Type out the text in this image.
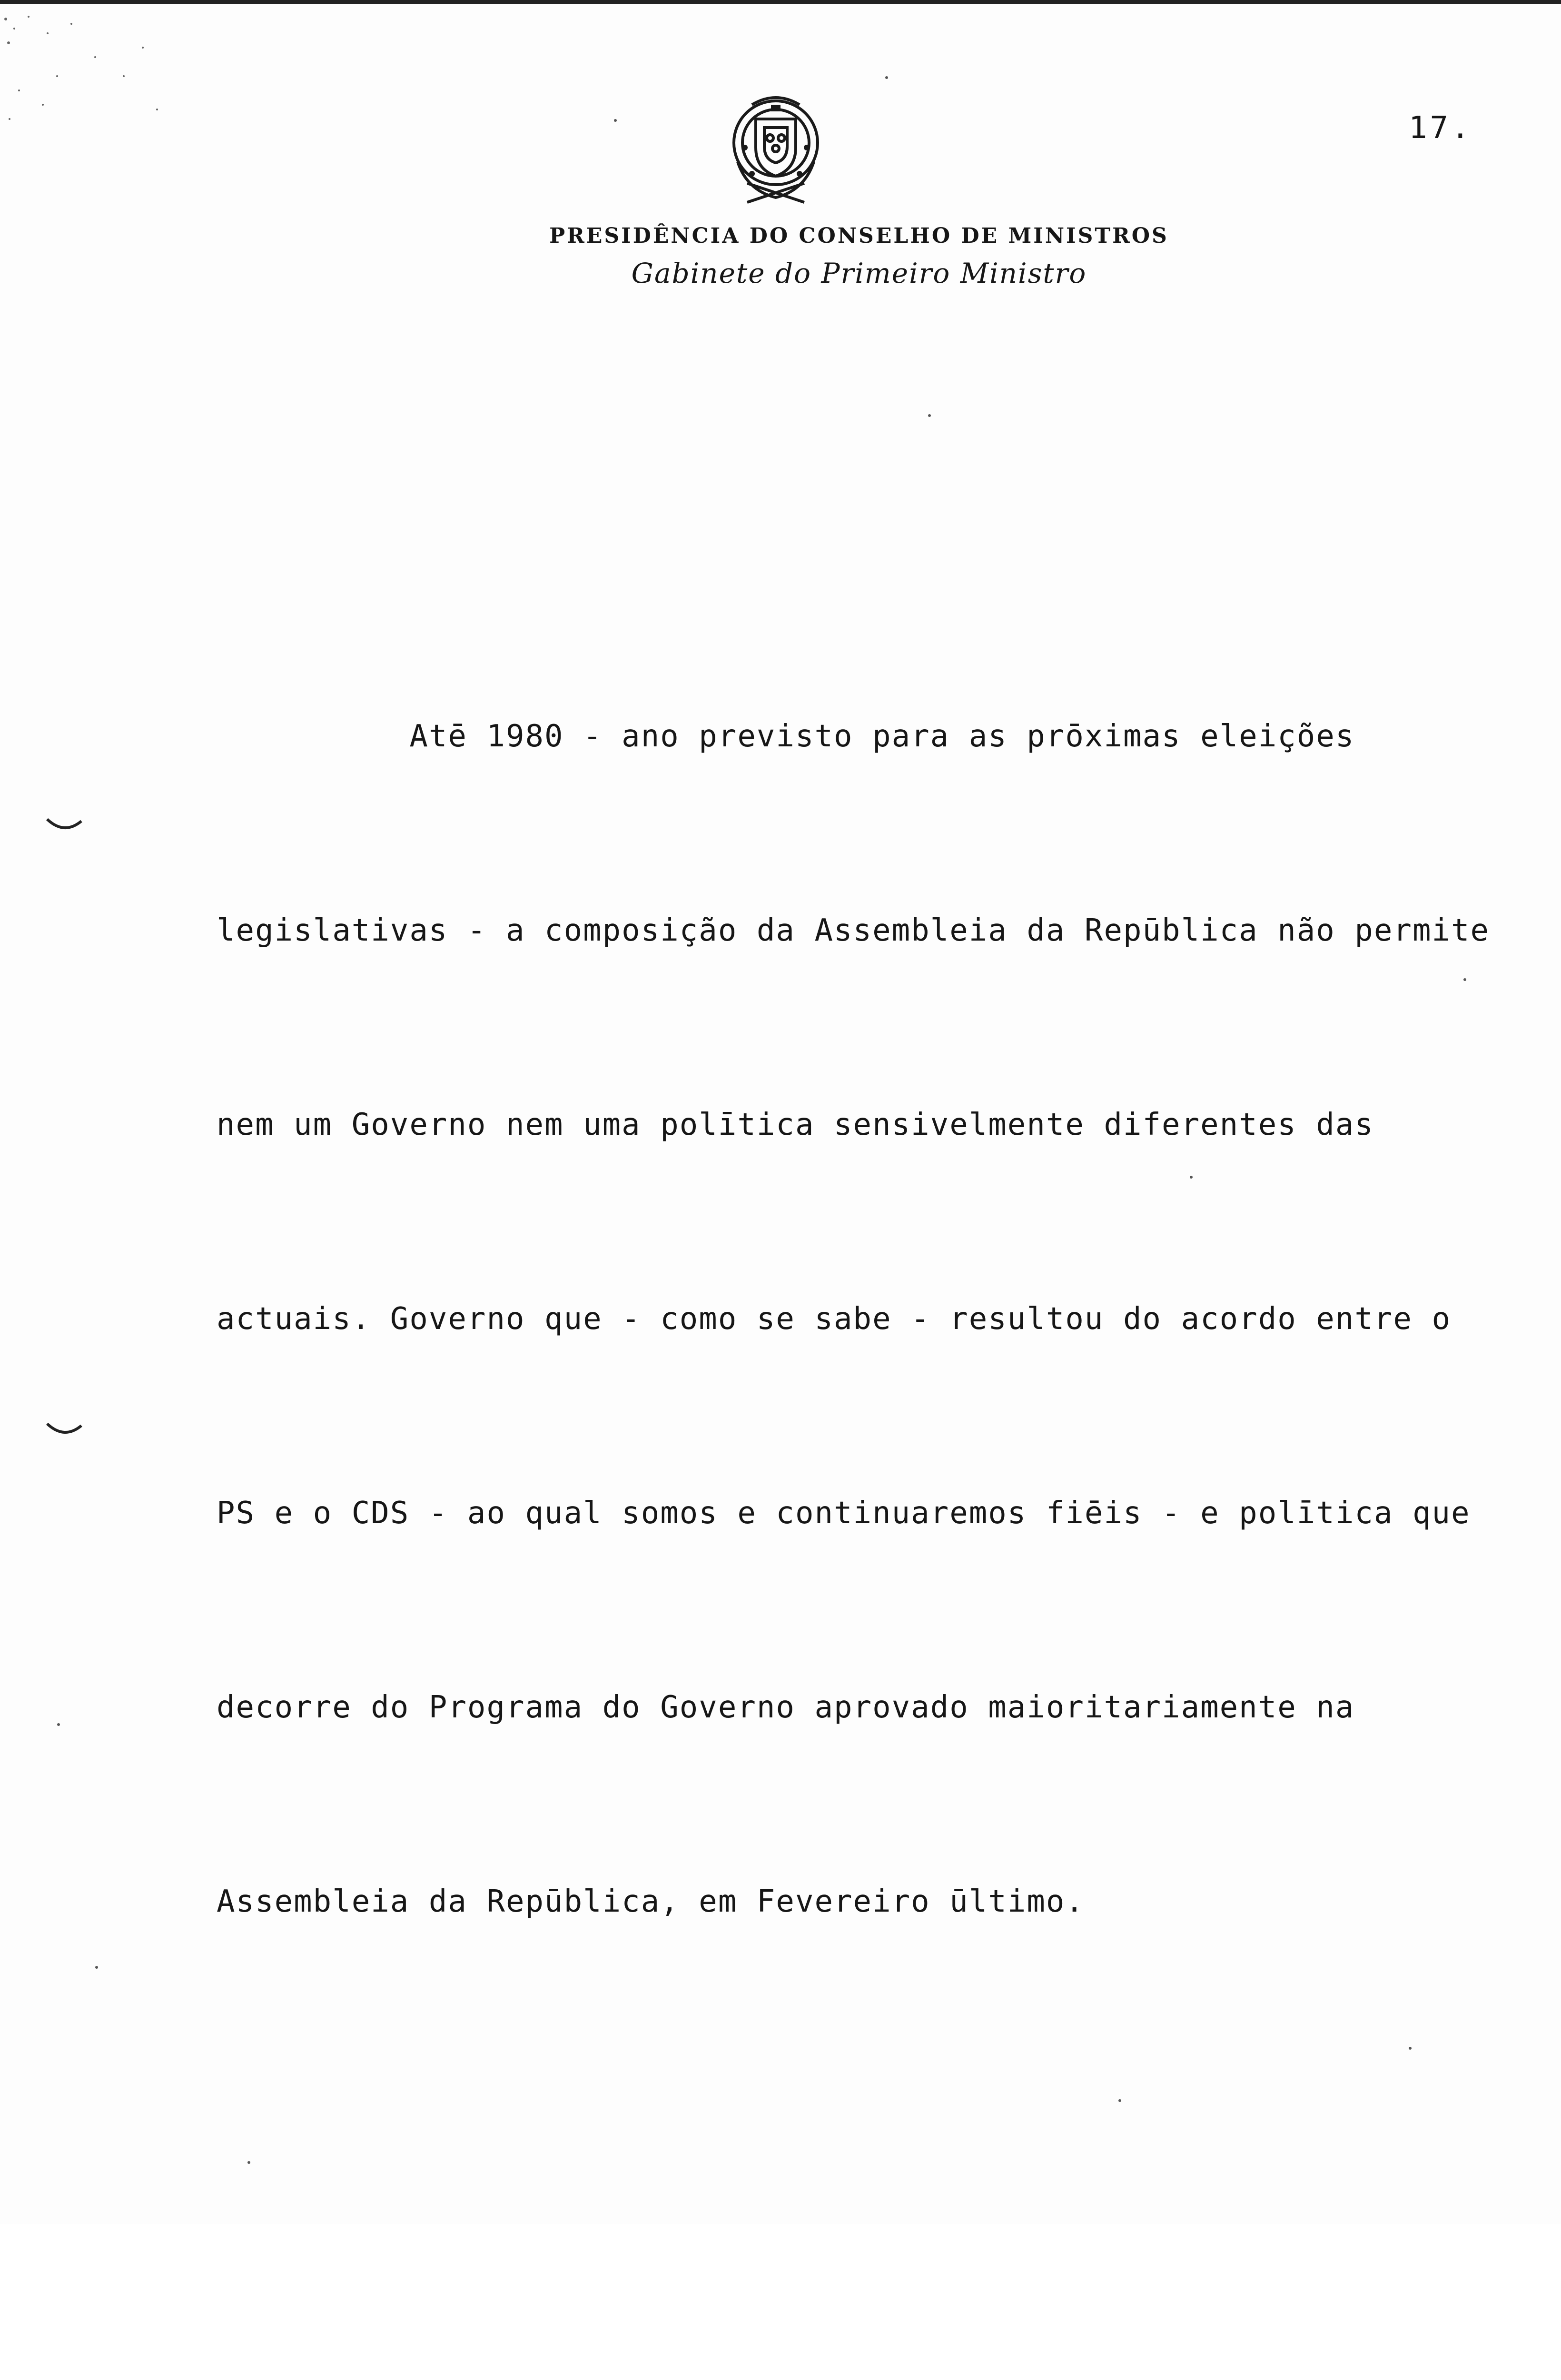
17.
PRESIDÊNCIA DO CONSELHO DE MINISTROS
Gabinete do Primeiro Ministro

Atē 1980 - ano previsto para as prōximas eleições

legislativas - a composição da Assembleia da Repūblica não permite

nem um Governo nem uma polītica sensivelmente diferentes das

actuais. Governo que - como se sabe - resultou do acordo entre o

PS e o CDS - ao qual somos e continuaremos fiēis - e polītica que

decorre do Programa do Governo aprovado maioritariamente na

Assembleia da Repūblica, em Fevereiro ūltimo.
